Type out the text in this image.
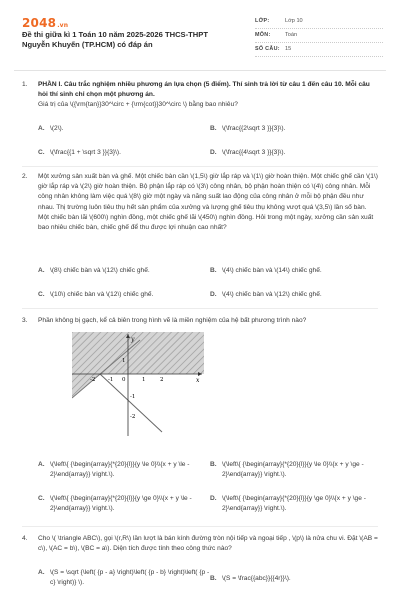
2048.vn
Đề thi giữa kì 1 Toán 10 năm 2025-2026 THCS-THPT Nguyễn Khuyến (TP.HCM) có đáp án
LỚP:	Lớp 10
MÔN:	Toán
SỐ CÂU: 15
1.	PHẦN I. Câu trắc nghiệm nhiều phương án lựa chọn (5 điểm). Thí sinh trả lời từ câu 1 đến câu 10. Mỗi câu hỏi thí sinh chỉ chọn một phương án.
Giá trị của \({\rm{tan}}30^\circ + {\rm{cot}}30^\circ \) bằng bao nhiêu?
A. \(2\).	B. \(\frac{{2\sqrt 3 }}{3}\).
C. \(\frac{{1 + \sqrt 3 }}{3}\).	D. \(\frac{{4\sqrt 3 }}{3}\).
2.	Một xưởng sản xuất bàn và ghế. Một chiếc bàn cần \(1,5\) giờ lắp ráp và \(1\) giờ hoàn thiện. Một chiếc ghế cần \(1\) giờ lắp ráp và \(2\) giờ hoàn thiện. Bộ phận lắp ráp có \(3\) công nhân, bộ phận hoàn thiện có \(4\) công nhân. Mỗi công nhân không làm việc quá \(8\) giờ một ngày và năng suất lao động của công nhân ở mỗi bộ phận đều như nhau. Thị trường luôn tiêu thụ hết sản phẩm của xưởng và lượng ghế tiêu thụ không vượt quá \(3,5\) lần số bàn. Một chiếc bàn lãi \(600\) nghìn đồng, một chiếc ghế lãi \(450\) nghìn đồng. Hỏi trong một ngày, xưởng cần sản xuất bao nhiêu chiếc bàn, chiếc ghế để thu được lợi nhuận cao nhất?
A. \(8\) chiếc bàn và \(12\) chiếc ghế.	B. \(4\) chiếc bàn và \(14\) chiếc ghế.
C. \(10\) chiếc bàn và \(12\) chiếc ghế.	D. \(4\) chiếc bàn và \(12\) chiếc ghế.
3.	Phần không bị gạch, kể cả biên trong hình vẽ là miền nghiệm của hệ bất phương trình nào?
y
x
-2 -1 0	1	2
1
-1
-2
A. \(\left\{ {\begin{array}{*{20}{l}}{y \le 0}\\{x + y \le - 2}\end{array}} \right.\).
B. \(\left\{ {\begin{array}{*{20}{l}}{y \le 0}\\{x + y \ge - 2}\end{array}} \right.\).
C. \(\left\{ {\begin{array}{*{20}{l}}{y \ge 0}\\{x + y \le - 2}\end{array}} \right.\).
D. \(\left\{ {\begin{array}{*{20}{l}}{y \ge 0}\\{x + y \ge - 2}\end{array}} \right.\).
4.	Cho \( \triangle ABC\), gọi \(r,R\) lần lượt là bán kính đường tròn nội tiếp và ngoại tiếp , \(p\) là nửa chu vi. Đặt \(AB = c\), \(AC = b\), \(BC = a\). Diện tích được tính theo công thức nào?
A. \(S = \sqrt {\left( {p - a} \right)\left( {p - b} \right)\left( {p - c} \right)} \).
B. \(S = \frac{{abc}}{{4r}}\).
